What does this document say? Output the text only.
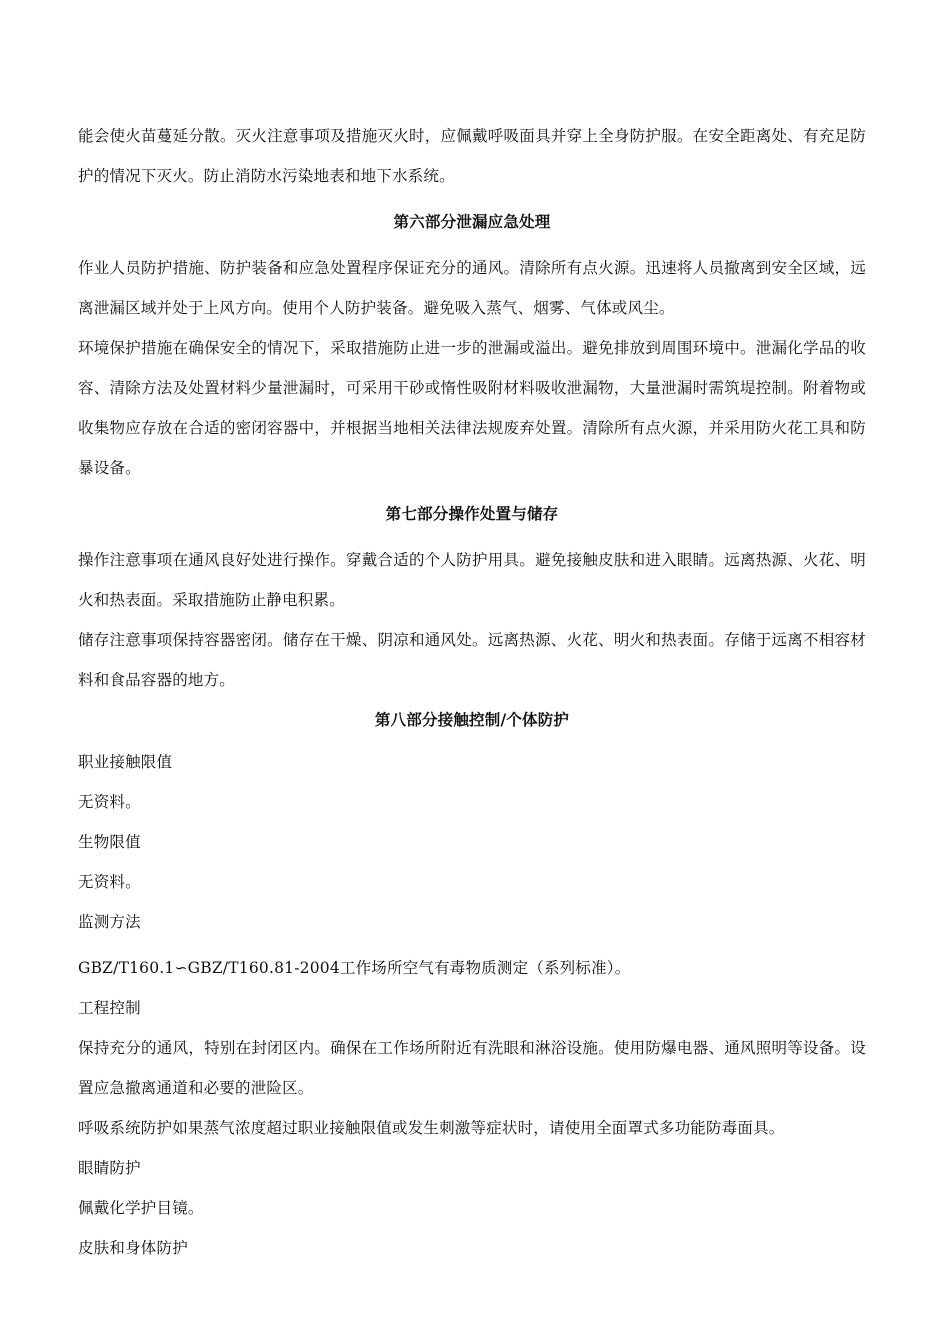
能会使火苗蔓延分散。灭火注意事项及措施灭火时，应佩戴呼吸面具并穿上全身防护服。在安全距离处、有充足防护的情况下灭火。防止消防水污染地表和地下水系统。

第六部分泄漏应急处理

作业人员防护措施、防护装备和应急处置程序保证充分的通风。清除所有点火源。迅速将人员撤离到安全区域，远离泄漏区域并处于上风方向。使用个人防护装备。避免吸入蒸气、烟雾、气体或风尘。

环境保护措施在确保安全的情况下，采取措施防止进一步的泄漏或溢出。避免排放到周围环境中。泄漏化学品的收容、清除方法及处置材料少量泄漏时，可采用干砂或惰性吸附材料吸收泄漏物，大量泄漏时需筑堤控制。附着物或收集物应存放在合适的密闭容器中，并根据当地相关法律法规废弃处置。清除所有点火源，并采用防火花工具和防暴设备。

第七部分操作处置与储存

操作注意事项在通风良好处进行操作。穿戴合适的个人防护用具。避免接触皮肤和进入眼睛。远离热源、火花、明火和热表面。采取措施防止静电积累。

储存注意事项保持容器密闭。储存在干燥、阴凉和通风处。远离热源、火花、明火和热表面。存储于远离不相容材料和食品容器的地方。

第八部分接触控制/个体防护

职业接触限值

无资料。

生物限值

无资料。

监测方法

GBZ/T160.1∽GBZ/T160.81-2004工作场所空气有毒物质测定（系列标准）。

工程控制

保持充分的通风，特别在封闭区内。确保在工作场所附近有洗眼和淋浴设施。使用防爆电器、通风照明等设备。设置应急撤离通道和必要的泄险区。

呼吸系统防护如果蒸气浓度超过职业接触限值或发生刺激等症状时，请使用全面罩式多功能防毒面具。

眼睛防护

佩戴化学护目镜。

皮肤和身体防护
